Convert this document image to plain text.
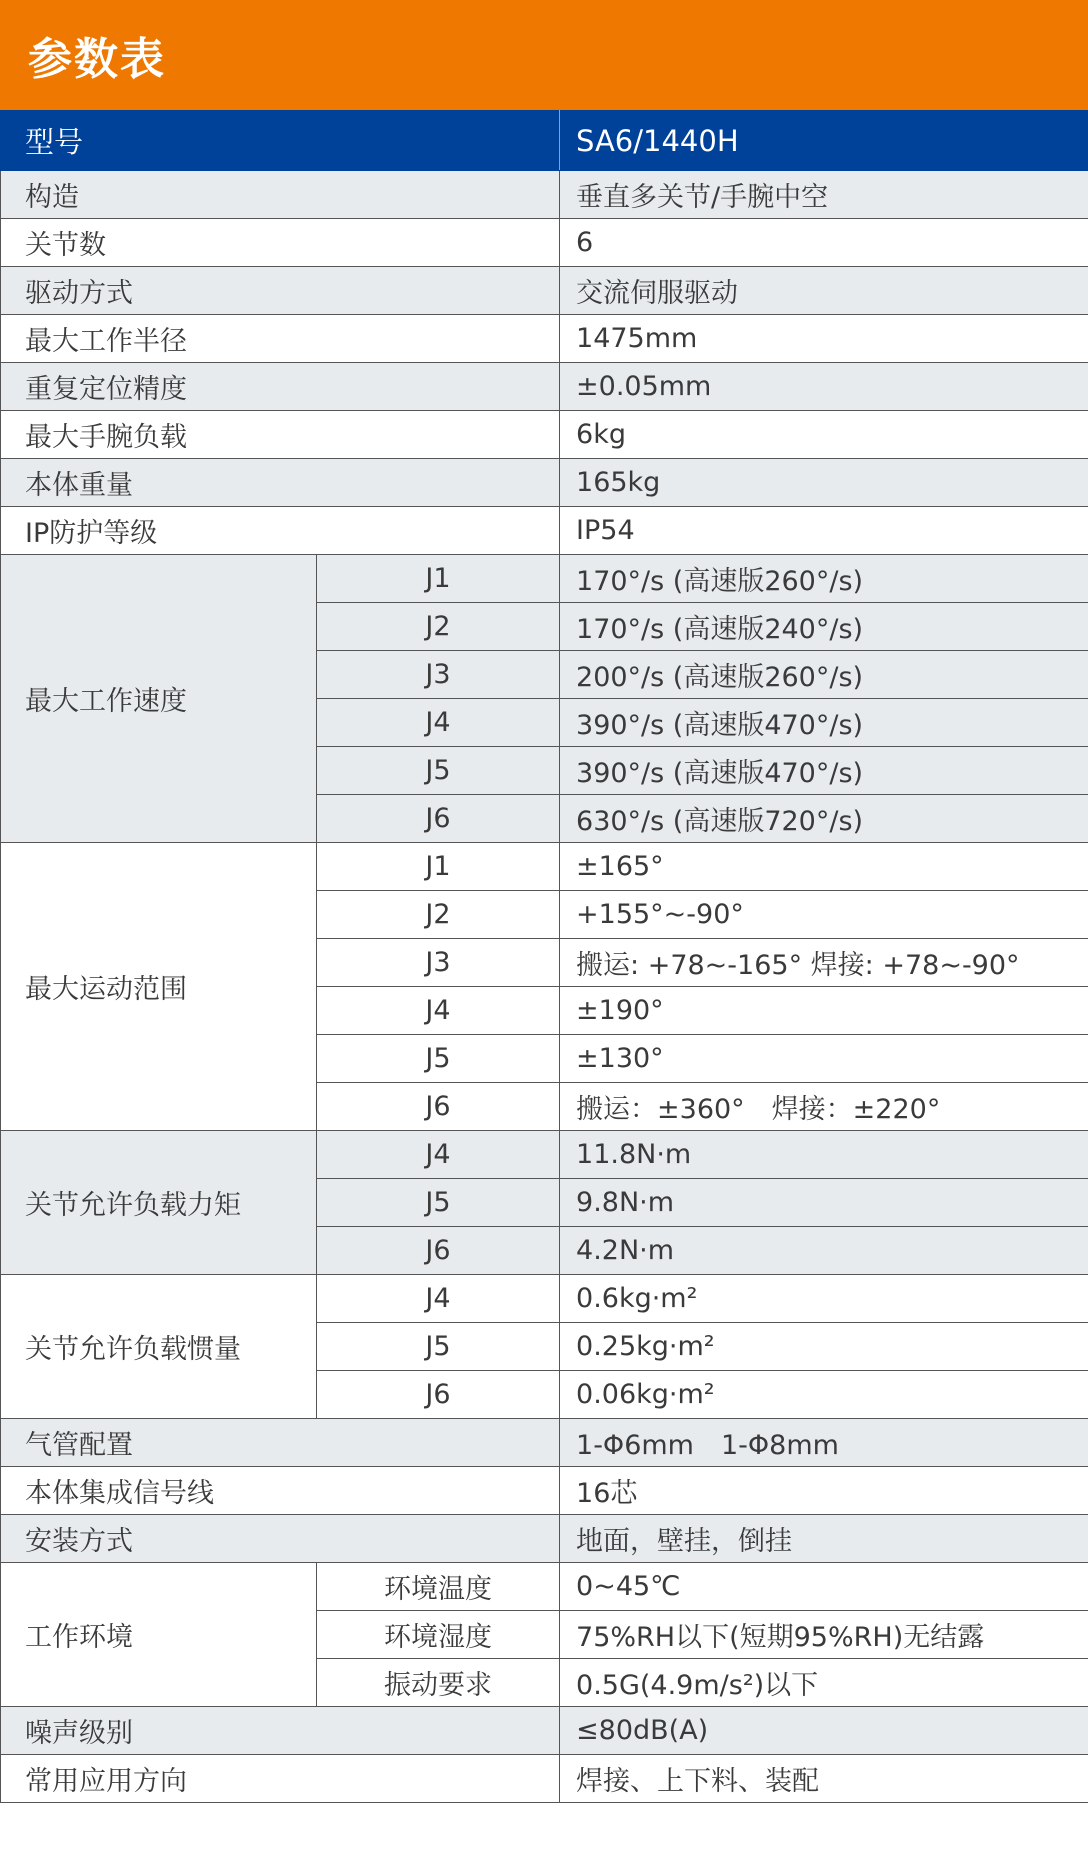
参数表
型号		SA6/1440H
构造		垂直多关节/手腕中空
关节数		6
驱动方式		交流伺服驱动
最大工作半径		1475mm
重复定位精度		±0.05mm
最大手腕负载		6kg
本体重量		165kg
IP防护等级		IP54
最大工作速度	J1	170°/s (高速版260°/s)
	J2	170°/s (高速版240°/s)
	J3	200°/s (高速版260°/s)
	J4	390°/s (高速版470°/s)
	J5	390°/s (高速版470°/s)
	J6	630°/s (高速版720°/s)
最大运动范围	J1	±165°
	J2	+155°~-90°
	J3	搬运: +78~-165° 焊接: +78~-90°
	J4	±190°
	J5	±130°
	J6	搬运：±360°　焊接：±220°
关节允许负载力矩	J4	11.8N·m
	J5	9.8N·m
	J6	4.2N·m
关节允许负载惯量	J4	0.6kg·m²
	J5	0.25kg·m²
	J6	0.06kg·m²
气管配置		1-Φ6mm　1-Φ8mm
本体集成信号线		16芯
安装方式		地面，壁挂，倒挂
工作环境	环境温度	0~45℃
	环境湿度	75%RH以下(短期95%RH)无结露
	振动要求	0.5G(4.9m/s²)以下
噪声级别		≤80dB(A)
常用应用方向		焊接、上下料、装配
